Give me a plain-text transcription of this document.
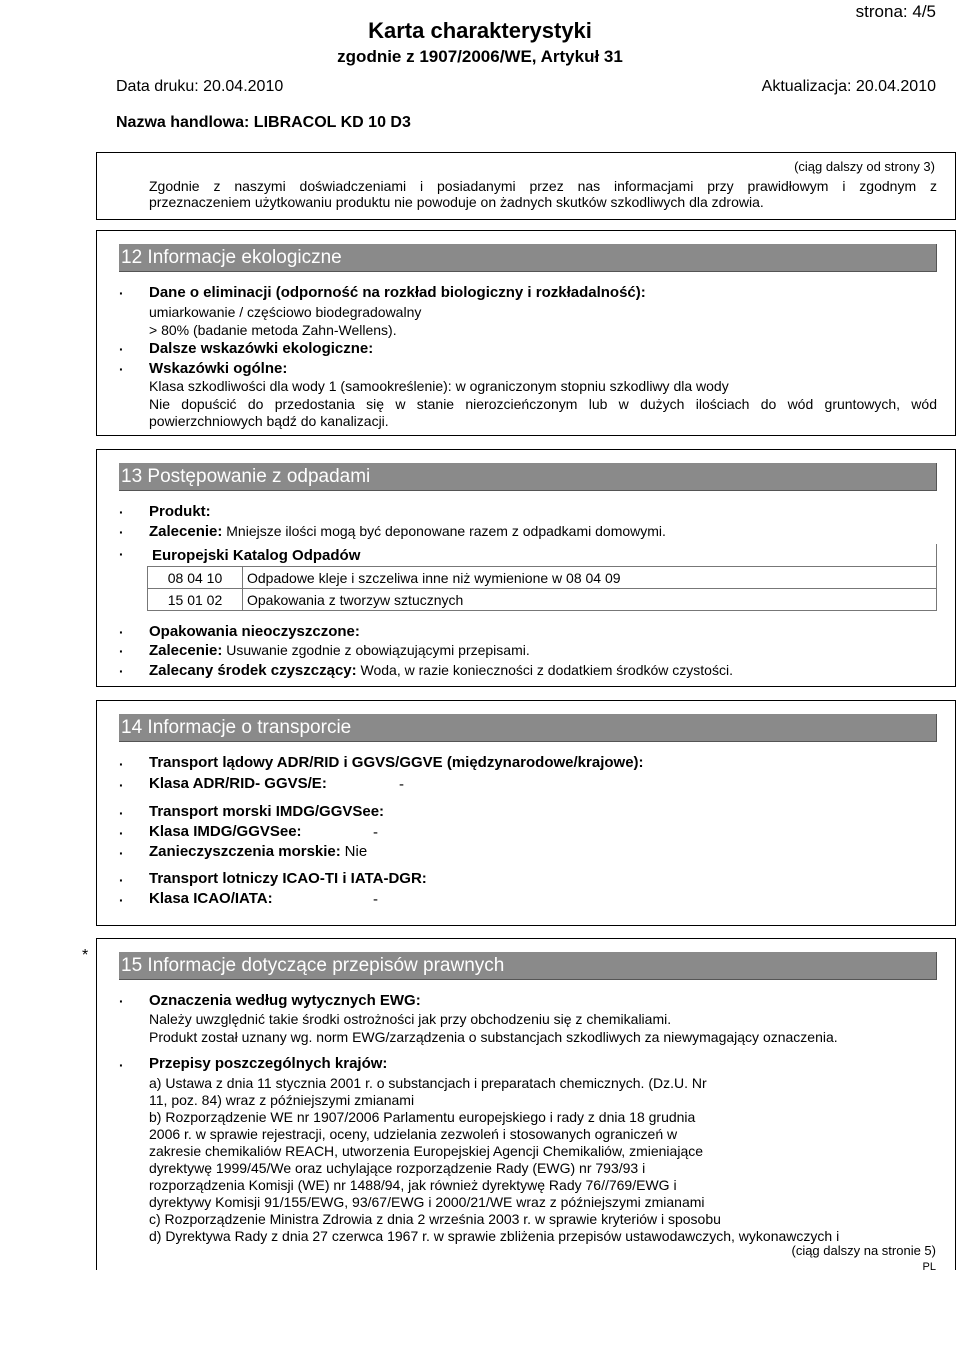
strona: 4/5
Karta charakterystyki
zgodnie z 1907/2006/WE, Artykuł 31
Data druku: 20.04.2010	Aktualizacja: 20.04.2010
Nazwa handlowa: LIBRACOL KD 10 D3
(ciąg dalszy od strony 3)
Zgodnie z naszymi doświadczeniami i posiadanymi przez nas informacjami przy prawidłowym i zgodnym z
przeznaczeniem użytkowaniu produktu nie powoduje on żadnych skutków szkodliwych dla zdrowia.
12 Informacje ekologiczne
· Dane o eliminacji (odporność na rozkład biologiczny i rozkładalność):
umiarkowanie / częściowo biodegradowalny
> 80% (badanie metoda Zahn-Wellens).
· Dalsze wskazówki ekologiczne:
· Wskazówki ogólne:
Klasa szkodliwości dla wody 1 (samookreślenie): w ograniczonym stopniu szkodliwy dla wody
Nie dopuścić do przedostania się w stanie nierozcieńczonym lub w dużych ilościach do wód gruntowych, wód
powierzchniowych bądź do kanalizacji.
13 Postępowanie z odpadami
· Produkt:
· Zalecenie: Mniejsze ilości mogą być deponowane razem z odpadkami domowymi.
· Europejski Katalog Odpadów	
08 04 10	Odpadowe kleje i szczeliwa inne niż wymienione w 08 04 09
15 01 02	Opakowania z tworzyw sztucznych
· Opakowania nieoczyszczone:
· Zalecenie: Usuwanie zgodnie z obowiązującymi przepisami.
· Zalecany środek czyszczący: Woda, w razie konieczności z dodatkiem środków czystości.
14 Informacje o transporcie
· Transport lądowy ADR/RID i GGVS/GGVE (międzynarodowe/krajowe):
· Klasa ADR/RID- GGVS/E:	-
· Transport morski IMDG/GGVSee:
· Klasa IMDG/GGVSee:	-
· Zanieczyszczenia morskie: Nie
· Transport lotniczy ICAO-TI i IATA-DGR:
· Klasa ICAO/IATA:	-
* 15 Informacje dotyczące przepisów prawnych
· Oznaczenia według wytycznych EWG:
Należy uwzględnić takie środki ostrożności jak przy obchodzeniu się z chemikaliami.
Produkt został uznany wg. norm EWG/zarządzenia o substancjach szkodliwych za niewymagający oznaczenia.
· Przepisy poszczególnych krajów:
a) Ustawa z dnia 11 stycznia 2001 r. o substancjach i preparatach chemicznych. (Dz.U. Nr
11, poz. 84) wraz z późniejszymi zmianami
b) Rozporządzenie WE nr 1907/2006 Parlamentu europejskiego i rady z dnia 18 grudnia
2006 r. w sprawie rejestracji, oceny, udzielania zezwoleń i stosowanych ograniczeń w
zakresie chemikaliów REACH, utworzenia Europejskiej Agencji Chemikaliów, zmieniające
dyrektywę 1999/45/We oraz uchylające rozporządzenie Rady (EWG) nr 793/93 i
rozporządzenia Komisji (WE) nr 1488/94, jak również dyrektywę Rady 76//769/EWG i
dyrektywy Komisji 91/155/EWG, 93/67/EWG i 2000/21/WE wraz z późniejszymi zmianami
c) Rozporządzenie Ministra Zdrowia z dnia 2 września 2003 r. w sprawie kryteriów i sposobu
d) Dyrektywa Rady z dnia 27 czerwca 1967 r. w sprawie zbliżenia przepisów ustawodawczych, wykonawczych i
(ciąg dalszy na stronie 5)
PL
